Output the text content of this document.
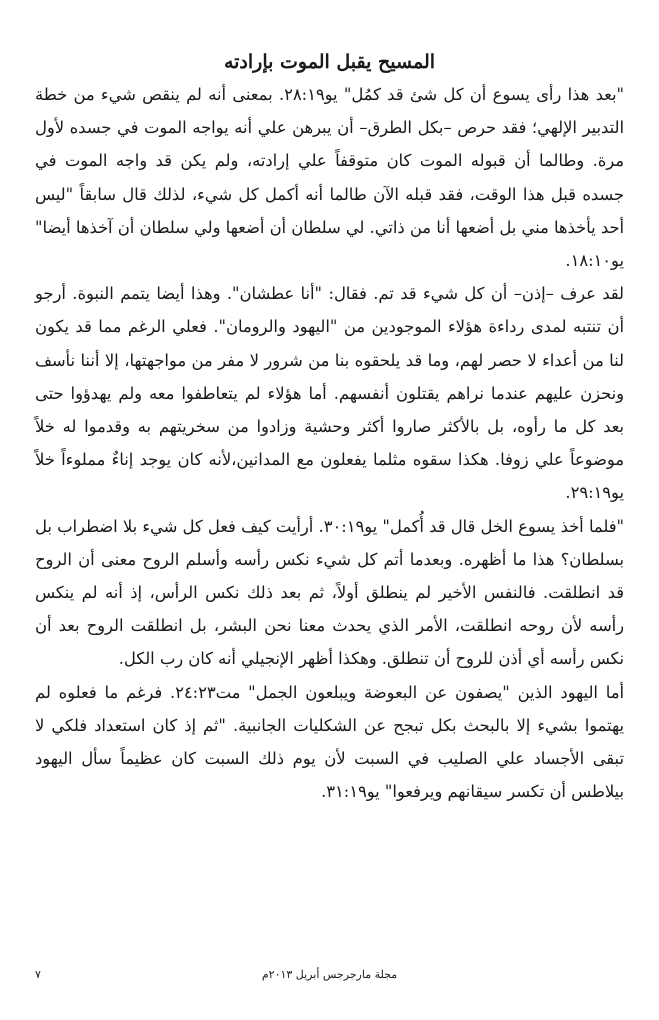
المسيح يقبل الموت بإرادته

"بعد هذا رأى يسوع أن كل شئ قد كمُل" يو٢٨:١٩. بمعنى أنه لم ينقص شيء من خطة التدبير الإلهي؛ فقد حرص –بكل الطرق– أن يبرهن علي أنه يواجه الموت في جسده لأول مرة. وطالما أن قبوله الموت كان متوقفاً علي إرادته، ولم يكن قد واجه الموت في جسده قبل هذا الوقت، فقد قبله الآن طالما أنه أكمل كل شيء، لذلك قال سابقاً "ليس أحد يأخذها مني بل أضعها أنا من ذاتي. لي سلطان أن أضعها ولي سلطان أن آخذها أيضا" يو١٨:١٠.

لقد عرف –إذن– أن كل شيء قد تم. فقال: "أنا عطشان". وهذا أيضا يتمم النبوة. أرجو أن تنتبه لمدى رداءة هؤلاء الموجودين من "اليهود والرومان". فعلي الرغم مما قد يكون لنا من أعداء لا حصر لهم، وما قد يلحقوه بنا من شرور لا مفر من مواجهتها، إلا أننا نأسف ونحزن عليهم عندما نراهم يقتلون أنفسهم. أما هؤلاء لم يتعاطفوا معه ولم يهدؤوا حتى بعد كل ما رأوه، بل بالأكثر صاروا أكثر وحشية وزادوا من سخريتهم به وقدموا له خلاً موضوعاً علي زوفا. هكذا سقوه مثلما يفعلون مع المدانين،لأنه كان يوجد إناءٌ مملوءاً خلاً يو٢٩:١٩.

"فلما أخذ يسوع الخل قال قد أُكمل" يو٣٠:١٩. أرأيت كيف فعل كل شيء بلا اضطراب بل بسلطان؟ هذا ما أظهره. وبعدما أتم كل شيء نكس رأسه وأسلم الروح معنى أن الروح قد انطلقت. فالنفس الأخير لم ينطلق أولاً، ثم بعد ذلك نكس الرأس، إذ أنه لم ينكس رأسه لأن روحه انطلقت، الأمر الذي يحدث معنا نحن البشر، بل انطلقت الروح بعد أن نكس رأسه أي أذن للروح أن تنطلق. وهكذا أظهر الإنجيلي أنه كان رب الكل.

أما اليهود الذين "يصفون عن البعوضة ويبلعون الجمل" مت٢٤:٢٣. فرغم ما فعلوه لم يهتموا بشيء إلا بالبحث بكل تبجح عن الشكليات الجانبية. "ثم إذ كان استعداد فلكي لا تبقى الأجساد علي الصليب في السبت لأن يوم ذلك السبت كان عظيماً سأل اليهود بيلاطس أن تكسر سيقانهم ويرفعوا" يو٣١:١٩.

مجلة مارجرجس أبريل ٢٠١٣م
٧
